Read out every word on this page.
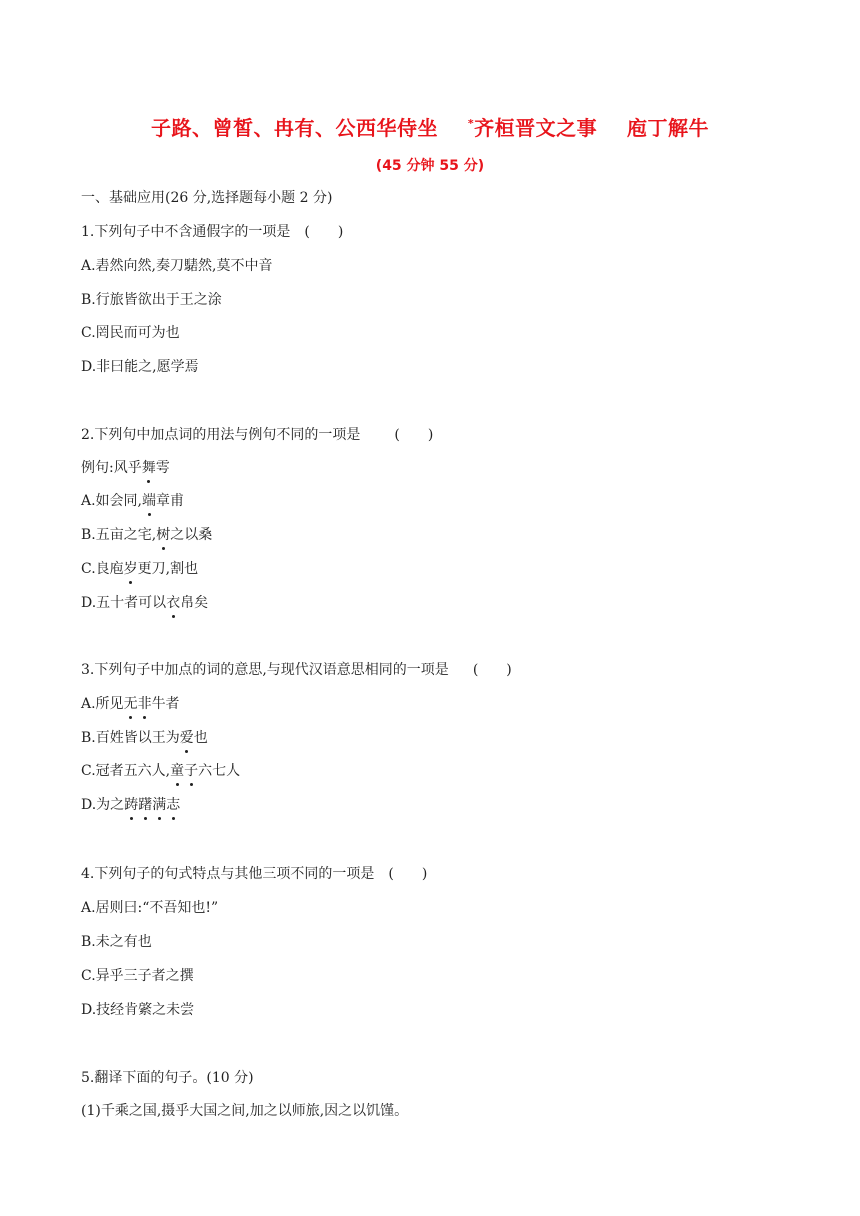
子路、曾皙、冉有、公西华侍坐	*齐桓晋文之事 庖丁解牛
(45 分钟 55 分)
一、基础应用(26 分,选择题每小题 2 分)
1.下列句子中不含通假字的一项是 (　　)
A.砉然向然,奏刀騞然,莫不中音
B.行旅皆欲出于王之涂
C.罔民而可为也
D.非曰能之,愿学焉
2.下列句中加点词的用法与例句不同的一项是 (　　)
例句:风乎舞雩
A.如会同,端章甫
B.五亩之宅,树之以桑
C.良庖岁更刀,割也
D.五十者可以衣帛矣
3.下列句子中加点的词的意思,与现代汉语意思相同的一项是 (　　)
A.所见无非牛者
B.百姓皆以王为爱也
C.冠者五六人,童子六七人
D.为之踌躇满志
4.下列句子的句式特点与其他三项不同的一项是 (　　)
A.居则曰:“不吾知也!”
B.未之有也
C.异乎三子者之撰
D.技经肯綮之未尝
5.翻译下面的句子。(10 分)
(1)千乘之国,摄乎大国之间,加之以师旅,因之以饥馑。
